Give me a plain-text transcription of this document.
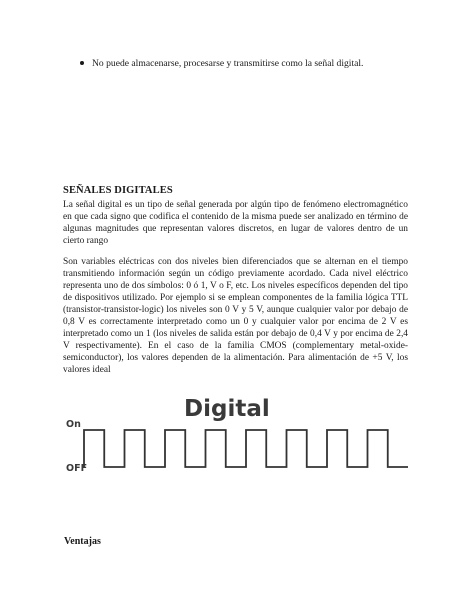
No puede almacenarse, procesarse y transmitirse como la señal digital.
SEÑALES DIGITALES
La señal digital es un tipo de señal generada por algún tipo de fenómeno electromagnético en que cada signo que codifica el contenido de la misma puede ser analizado en término de algunas magnitudes que representan valores discretos, en lugar de valores dentro de un cierto rango
Son variables eléctricas con dos niveles bien diferenciados que se alternan en el tiempo transmitiendo información según un código previamente acordado. Cada nivel eléctrico representa uno de dos símbolos: 0 ó 1, V o F, etc. Los niveles específicos dependen del tipo de dispositivos utilizado. Por ejemplo si se emplean componentes de la familia lógica TTL (transistor-transistor-logic) los niveles son 0 V y 5 V, aunque cualquier valor por debajo de 0,8 V es correctamente interpretado como un 0 y cualquier valor por encima de 2 V es interpretado como un 1 (los niveles de salida están por debajo de 0,4 V y por encima de 2,4 V respectivamente). En el caso de la familia CMOS (complementary metal-oxide-semiconductor), los valores dependen de la alimentación. Para alimentación de +5 V, los valores ideal
Digital
On
OFF
Ventajas
